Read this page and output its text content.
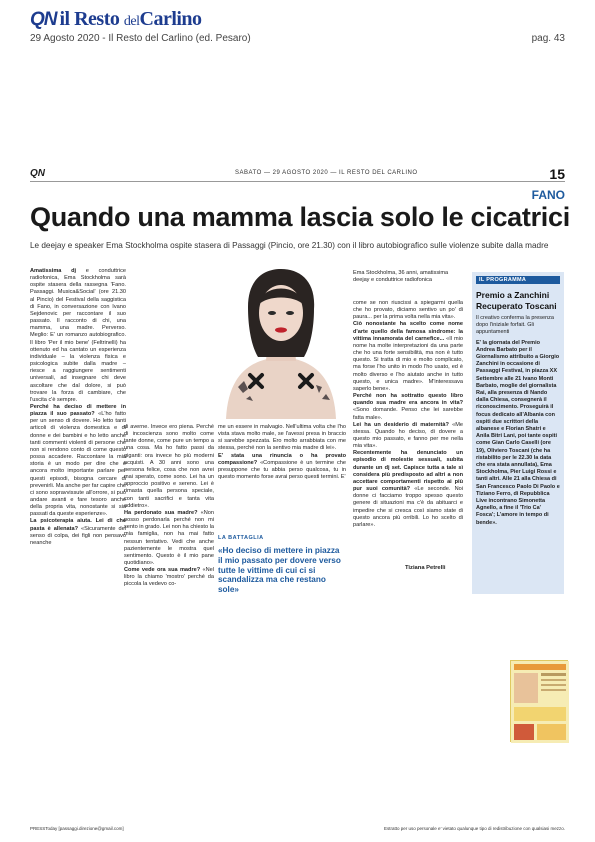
QN il Resto delCarlino
29 Agosto 2020 - Il Resto del Carlino (ed. Pesaro)	pag. 43
QN	SABATO — 29 AGOSTO 2020 — IL RESTO DEL CARLINO	15
FANO
Quando una mamma lascia solo le cicatrici
Le deejay e speaker Ema Stockholma ospite stasera di Passaggi (Pincio, ore 21.30) con il libro autobiografico sulle violenze subite dalla madre

Amatissima dj e conduttrice radiofonica, Ema Stockholma sarà ospite stasera della rassegna 'Fano. Passaggi. Musica&Social' (ore 21.30 al Pincio) del Festival della saggistica di Fano, in conversazione con Ivano Sejdenovic per raccontare il suo passato. Il racconto di chi, una mamma, una madre. Perverso. Meglio: E' un romanzo autobiografico. Il libro 'Per il mio bene' (Feltrinelli) ha ottenuto ed ha cantato un esperienza individuale – la violenza fisica e psicologica subite dalla madre – riesce a raggiungere sentimenti universali, ad insegnare chi deve ascoltare che dal dolore, si può trovare la forza di cambiare, che l'uscita c'è sempre.

Perché ha deciso di mettere in piazza il suo passato? «L'ho fatto per un senso di dovere. Ho letto tanti articoli di violenza domestica e di donne e dei bambini e ho letto anche tanti commenti violenti di persone che non si rendono conto di come questo possa accadere. Raccontare la mia storia è un modo per dire che è ancora molto importante parlare per questi episodi, bisogna cercare di prevenirli. Ma anche per far capire che ci sono sopravvissute all'orrore, si può andare avanti e fare tesoro anche della propria vita, nonostante si sia passati da queste esperienze».

La psicoterapia aiuta. Lei di che pasta è allenata? «Sicuramente del senso di colpa, dei figli non pensavo neanche

di averne. Invece ero piena. Perché di incoscienza sono molto come tante donne, come pure un tempo a una cosa. Ma ho fatto passi da giganti: ora invece ho più moderni acquisti. A 30 anni sono una persona felice, cosa che non avrei mai sperato, come sono. Lei ha un approccio positivo e sereno. Lei è rimasta quella persona speciale, con tanti sacrifici e tanta vita addietro».

Ha perdonato sua madre? «Non posso perdonarla perché non mi sento in grado. Lei non ha chiesto la mia famiglia, non ha mai fatto nessun tentativo. Vedi che anche pazientemente le mostra quel sentimento. Questo è il mio pane quotidiano».

Come vede ora sua madre? «Nel libro la chiamo 'mostro' perché da piccola la vedevo co-

me un essere in malvagio. Nell'ultima volta che l'ho vista stava molto male, se l'avessi presa in braccio si sarebbe spezzata. Ero molto arrabbiata con me stessa, perché non la sentivo mia madre di lei».

E' stata una rinuncia o ha provato compassione? «Compassione è un termine che presuppone che tu abbia perso qualcosa, tu in questo momento forse avrai perso questi termini. E'

come se non riuscissi a spiegarmi quella che ho provato, diciamo sentivo un po' di paura... per la prima volta nella mia vita».

Ciò nonostante ha scelto come nome d'arte quello della famosa sindrome: la vittima innamorata del carnefice... «Il mio nome ha molte interpretazioni da una parte che ho una forte sensibilità, ma non è tutto questo. Si tratta di mio e molto complicato, ma forse l'ho unito in modo l'ho usato, ed è molto diverso e l'ho aiutato anche in tutto questo, e unica madre». M'interessava saperlo bene».

Perché non ha sottratto questo libro quando sua madre era ancora in vita? «Sono domande. Penso che lei sarebbe fatta male».

Lei ha un desiderio di maternità? «Me stessa. Quando ho deciso, di dovere a questo mio passato, e fanno per me nella mia vita».

Recentemente ha denunciato un episodio di molestie sessuali, subita durante un dj set. Capisce tutta a tale sì considera più predisposto ad altri a non accettare comportamenti rispetto ai più pur suoi comunità? «Le seconde. Noi donne ci facciamo troppo spesso questo genere di situazioni ma c'è da abituarci e impedire che si cresca così siamo state di questo ancora più orribili. Lo ho scelto di parlare».

Ema Stockholma, 36 anni, amatissima deejay e conduttrice radiofonica	IL PROGRAMMA
Premio a Zanchini Recuperato Toscani
Il creativo conferma la presenza dopo l'iniziale forfait. Gli appuntamenti
E' la giornata del Premio Andrea Barbato per il Giornalismo attribuito a Giorgio Zanchini in occasione di Passaggi Festival, in piazza XX Settembre alle 21 Ivano Monti Barbato, moglie del giornalista Rai, alla presenza di Nando dalla Chiesa, consegnerà il riconoscimento. Proseguirà il focus dedicato all'Albania con ospiti due scrittori della albanese e Florian Shatri e Anila Bitri Lani, poi tante ospiti come Gian Carlo Caselli (ore 19), Oliviero Toscani (che ha ristabilito per le 22.30 la data che era stata annullata), Ema Stockholma, Pier Luigi Rossi e tanti altri. Alle 21 alla Chiesa di San Francesco Paolo Di Paolo e Tiziano Ferro, di Repubblica Live incontrano Simonetta Agnello, a fine il 'Trio Ca' Fosca'; L'amore in tempo di bende».
LA BATTAGLIA
«Ho deciso di mettere in piazza il mio passato per dovere verso tutte le vittime di cui ci si scandalizza ma che restano sole»
Tiziana Petrelli
PRESSToday [passaggi.direzione@gmail.com]	Estratto per uso personale e' vietato qualunque tipo di redistribuzione con qualsiasi mezzo.
